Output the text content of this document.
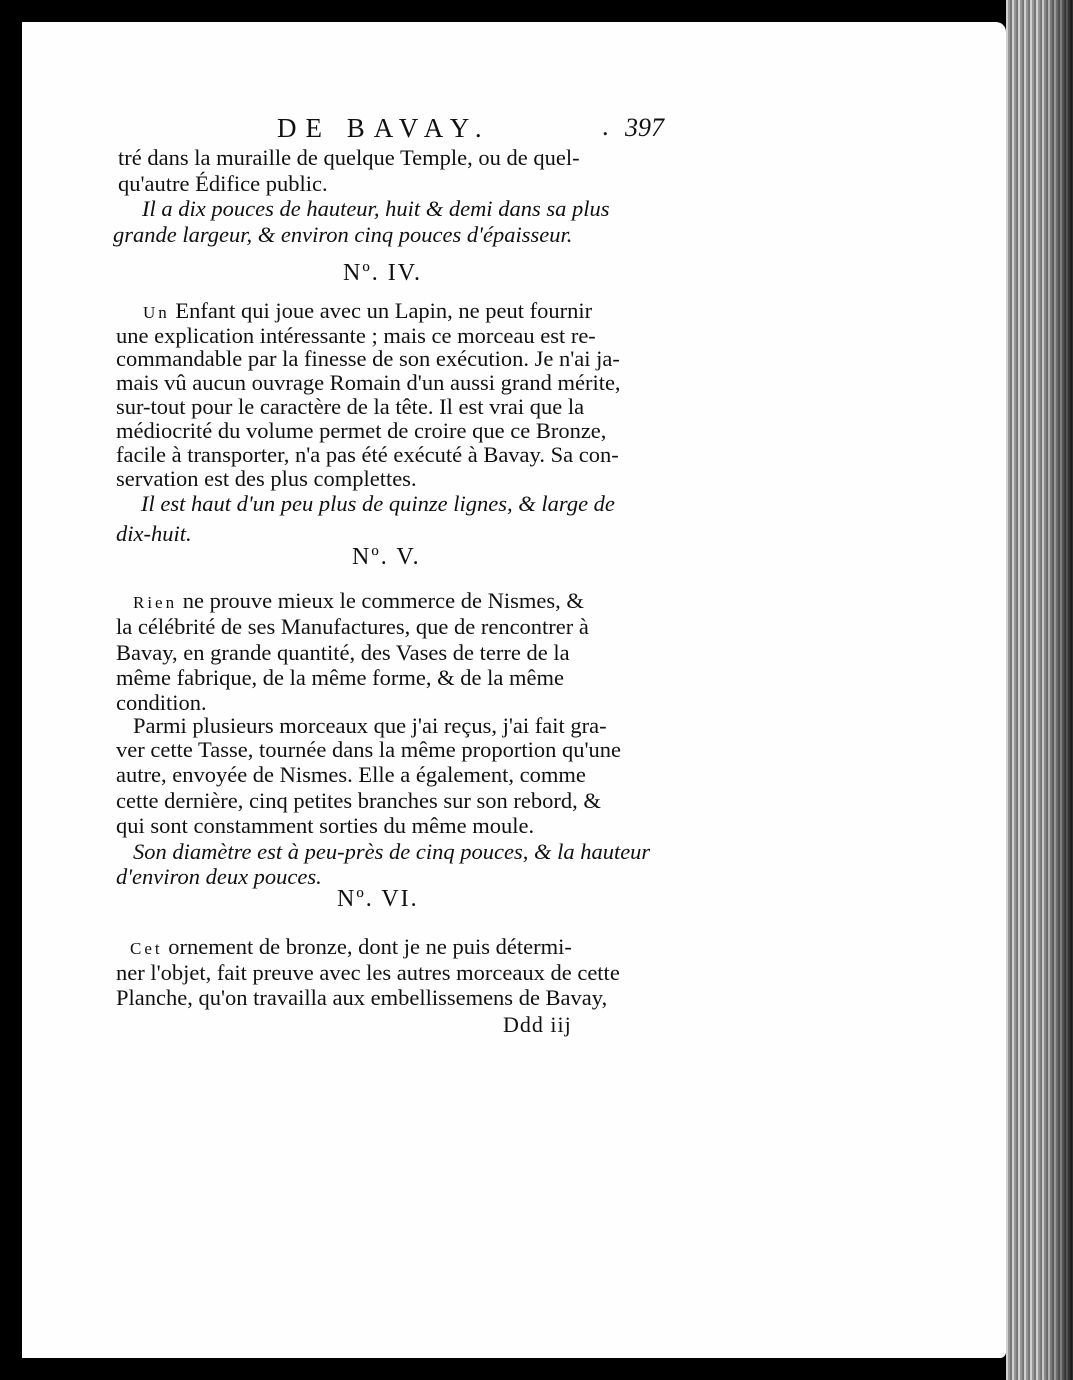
DE BAVAY.	. 397
tré dans la muraille de quelque Temple, ou de quel-
qu'autre Édifice public.
Il a dix pouces de hauteur, huit & demi dans sa plus
grande largeur, & environ cinq pouces d'épaisseur.
Nº. IV.
Un Enfant qui joue avec un Lapin, ne peut fournir
une explication intéressante ; mais ce morceau est re-
commandable par la finesse de son exécution. Je n'ai ja-
mais vû aucun ouvrage Romain d'un aussi grand mérite,
sur-tout pour le caractère de la tête. Il est vrai que la
médiocrité du volume permet de croire que ce Bronze,
facile à transporter, n'a pas été exécuté à Bavay. Sa con-
servation est des plus complettes.
Il est haut d'un peu plus de quinze lignes, & large de
dix-huit.
Nº. V.
Rien ne prouve mieux le commerce de Nismes, &
la célébrité de ses Manufactures, que de rencontrer à
Bavay, en grande quantité, des Vases de terre de la
même fabrique, de la même forme, & de la même
condition.
Parmi plusieurs morceaux que j'ai reçus, j'ai fait gra-
ver cette Tasse, tournée dans la même proportion qu'une
autre, envoyée de Nismes. Elle a également, comme
cette dernière, cinq petites branches sur son rebord, &
qui sont constamment sorties du même moule.
Son diamètre est à peu-près de cinq pouces, & la hauteur
d'environ deux pouces.
Nº. VI.
Cet ornement de bronze, dont je ne puis détermi-
ner l'objet, fait preuve avec les autres morceaux de cette
Planche, qu'on travailla aux embellissemens de Bavay,
Ddd iij
